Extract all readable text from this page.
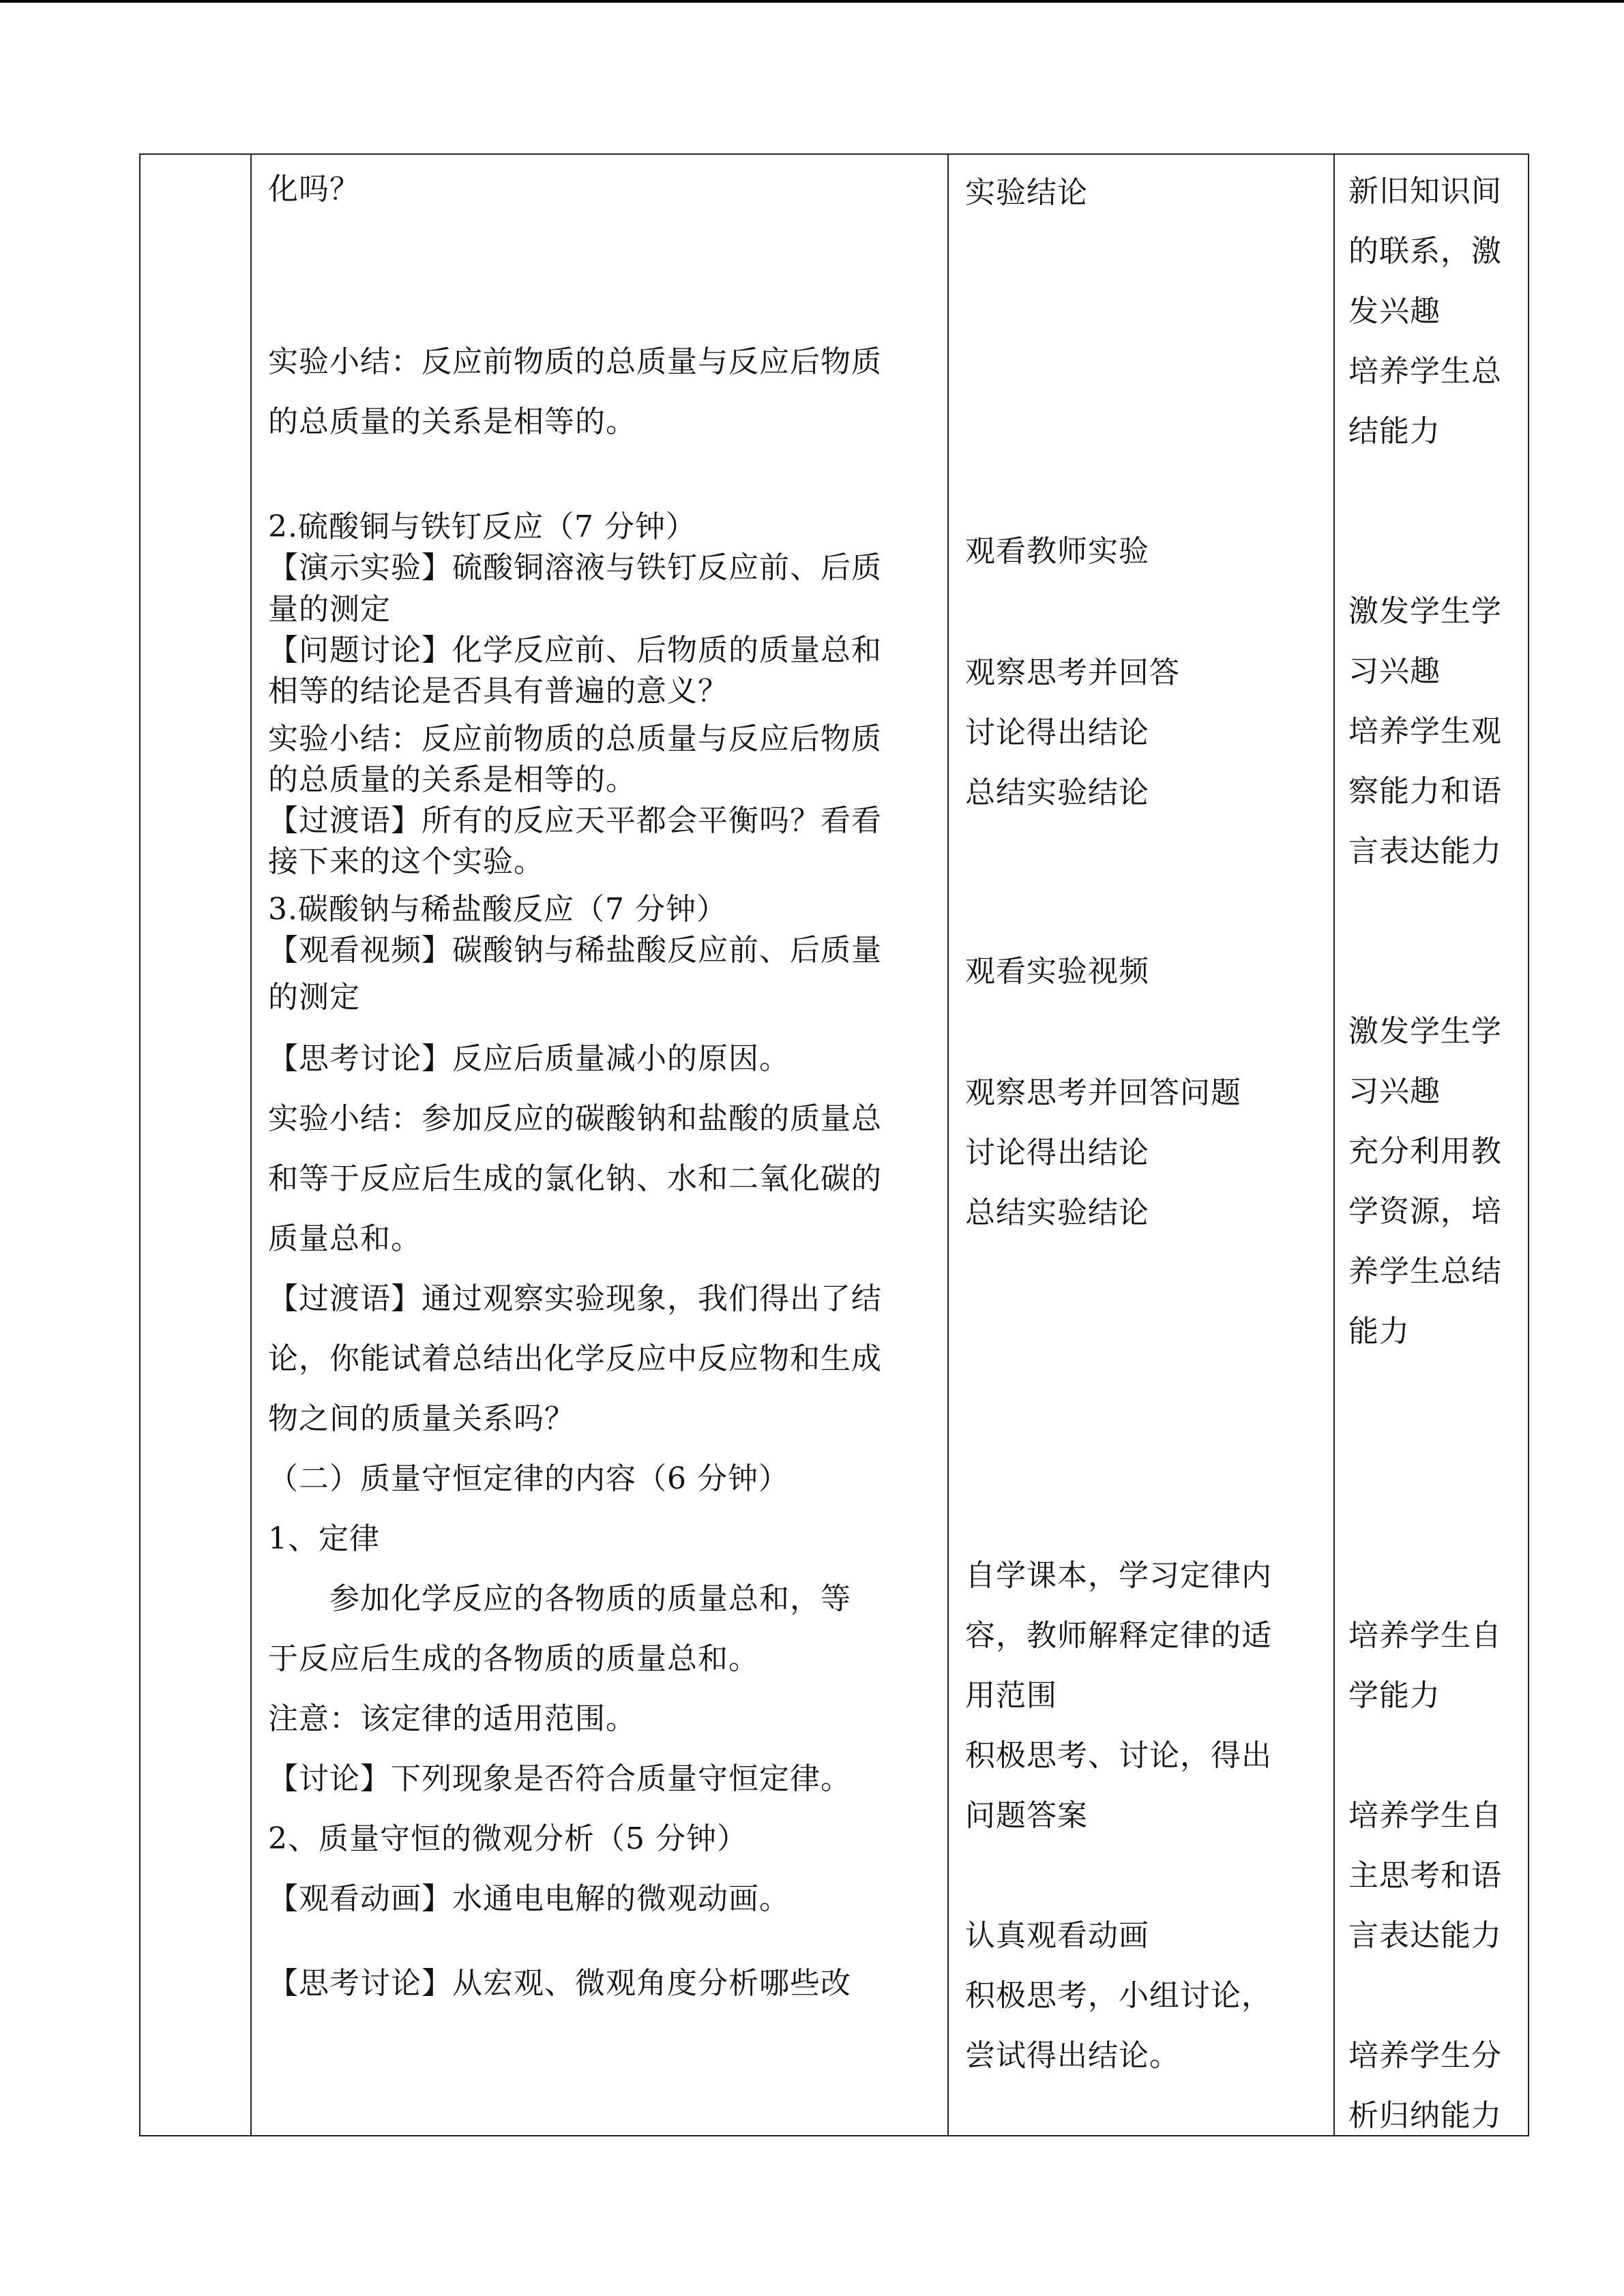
化吗？
实验小结：反应前物质的总质量与反应后物质
的总质量的关系是相等的。
2.硫酸铜与铁钉反应（7 分钟）
【演示实验】硫酸铜溶液与铁钉反应前、后质
量的测定
【问题讨论】化学反应前、后物质的质量总和
相等的结论是否具有普遍的意义？
实验小结：反应前物质的总质量与反应后物质
的总质量的关系是相等的。
【过渡语】所有的反应天平都会平衡吗？看看
接下来的这个实验。
3.碳酸钠与稀盐酸反应（7 分钟）
【观看视频】碳酸钠与稀盐酸反应前、后质量
的测定
【思考讨论】反应后质量减小的原因。
实验小结：参加反应的碳酸钠和盐酸的质量总
和等于反应后生成的氯化钠、水和二氧化碳的
质量总和。
【过渡语】通过观察实验现象，我们得出了结
论，你能试着总结出化学反应中反应物和生成
物之间的质量关系吗？
（二）质量守恒定律的内容（6 分钟）
1、定律
　　参加化学反应的各物质的质量总和，等
于反应后生成的各物质的质量总和。
注意：该定律的适用范围。
【讨论】下列现象是否符合质量守恒定律。
2、质量守恒的微观分析（5 分钟）
【观看动画】水通电电解的微观动画。
【思考讨论】从宏观、微观角度分析哪些改
实验结论
观看教师实验
观察思考并回答
讨论得出结论
总结实验结论
观看实验视频
观察思考并回答问题
讨论得出结论
总结实验结论
自学课本，学习定律内
容，教师解释定律的适
用范围
积极思考、讨论，得出
问题答案
认真观看动画
积极思考，小组讨论，
尝试得出结论。
新旧知识间
的联系，激
发兴趣
培养学生总
结能力
激发学生学
习兴趣
培养学生观
察能力和语
言表达能力
激发学生学
习兴趣
充分利用教
学资源，培
养学生总结
能力
培养学生自
学能力
培养学生自
主思考和语
言表达能力
培养学生分
析归纳能力
